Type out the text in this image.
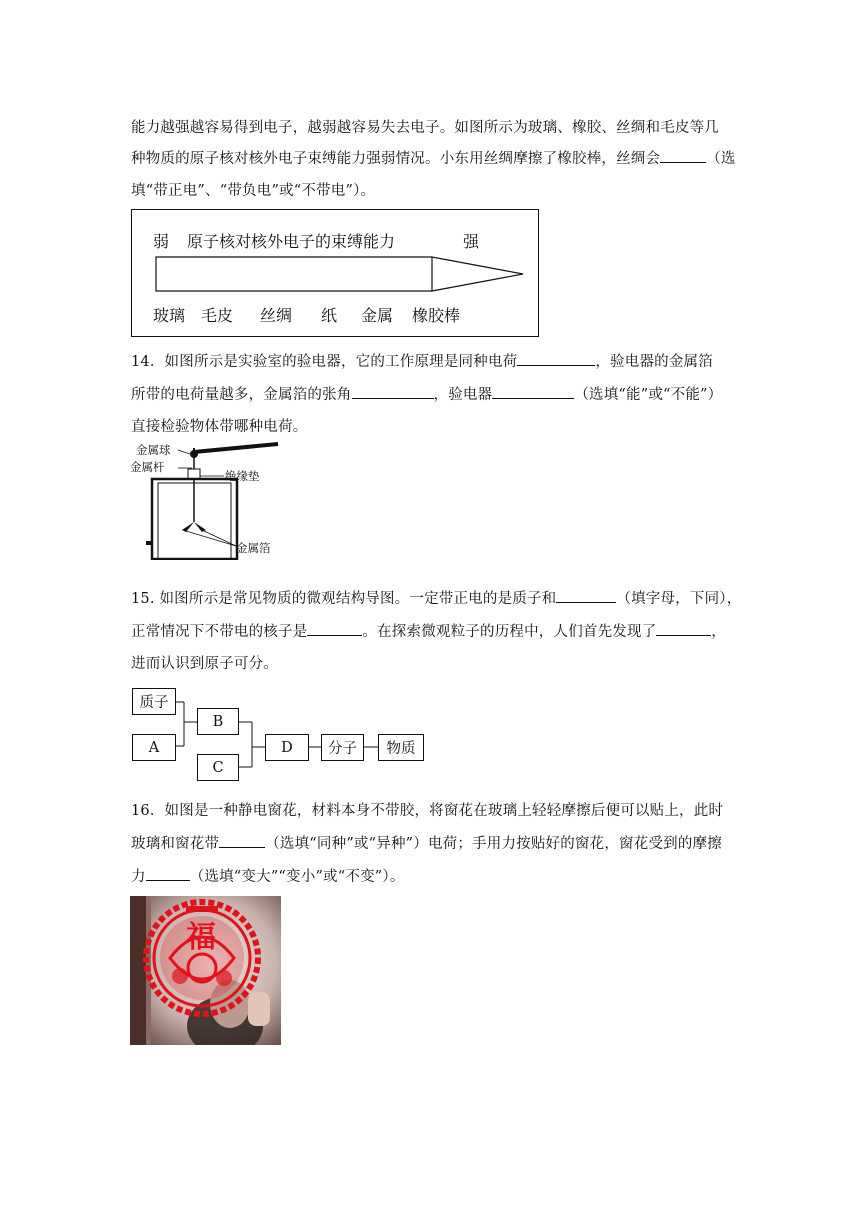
能力越强越容易得到电子，越弱越容易失去电子。如图所示为玻璃、橡胶、丝绸和毛皮等几
种物质的原子核对核外电子束缚能力强弱情况。小东用丝绸摩擦了橡胶棒，丝绸会	（选
填“带正电”、“带负电”或“不带电”）。
弱 原子核对核外电子的束缚能力	强
玻璃 毛皮 丝绸 纸 金属 橡胶棒
14．如图所示是实验室的验电器，它的工作原理是同种电荷	，验电器的金属箔
所带的电荷量越多，金属箔的张角	，验电器	（选填“能”或“不能”）
直接检验物体带哪种电荷。
金属球
金属杆
绝缘垫
金属箔
15. 如图所示是常见物质的微观结构导图。一定带正电的是质子和	（填字母，下同），
正常情况下不带电的核子是	。在探索微观粒子的历程中，人们首先发现了	，
进而认识到原子可分。
质子
A
B
C
D 分子 物质
16．如图是一种静电窗花，材料本身不带胶，将窗花在玻璃上轻轻摩擦后便可以贴上，此时
玻璃和窗花带	（选填“同种”或“异种”）电荷；手用力按贴好的窗花，窗花受到的摩擦
力	（选填“变大”“变小”或“不变”）。
福
